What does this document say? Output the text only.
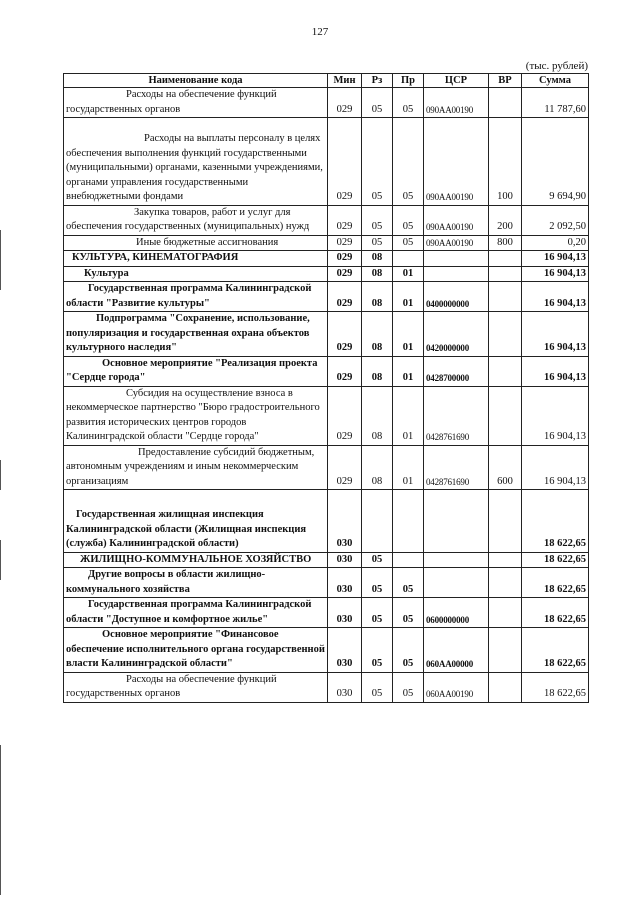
127
(тыс. рублей)
Наименование кода	Мин	Рз	Пр	ЦСР	ВР	Сумма
Расходы на обеспечение функций государственных органов	029	05	05	090АА00190		11 787,60
Расходы на выплаты персоналу в целях обеспечения выполнения функций государственными (муниципальными) органами, казенными учреждениями, органами управления государственными внебюджетными фондами	029	05	05	090АА00190	100	9 694,90
Закупка товаров, работ и услуг для обеспечения государственных (муниципальных) нужд	029	05	05	090АА00190	200	2 092,50
Иные бюджетные ассигнования	029	05	05	090АА00190	800	0,20
КУЛЬТУРА, КИНЕМАТОГРАФИЯ	029	08				16 904,13
Культура	029	08	01			16 904,13
Государственная программа Калининградской области "Развитие культуры"	029	08	01	0400000000		16 904,13
Подпрограмма "Сохранение, использование, популяризация и государственная охрана объектов культурного наследия"	029	08	01	0420000000		16 904,13
Основное мероприятие "Реализация проекта "Сердце города"	029	08	01	0428700000		16 904,13
Субсидия на осуществление взноса в некоммерческое партнерство "Бюро градостроительного развития исторических центров городов Калининградской области "Сердце города"	029	08	01	0428761690		16 904,13
Предоставление субсидий бюджетным, автономным учреждениям и иным некоммерческим организациям	029	08	01	0428761690	600	16 904,13
Государственная жилищная инспекция Калининградской области (Жилищная инспекция (служба) Калининградской области)	030					18 622,65
ЖИЛИЩНО-КОММУНАЛЬНОЕ ХОЗЯЙСТВО	030	05				18 622,65
Другие вопросы в области жилищно-коммунального хозяйства	030	05	05			18 622,65
Государственная программа Калининградской области "Доступное и комфортное жилье"	030	05	05	0600000000		18 622,65
Основное мероприятие "Финансовое обеспечение исполнительного органа государственной власти Калининградской области"	030	05	05	060АА00000		18 622,65
Расходы на обеспечение функций государственных органов	030	05	05	060АА00190		18 622,65
